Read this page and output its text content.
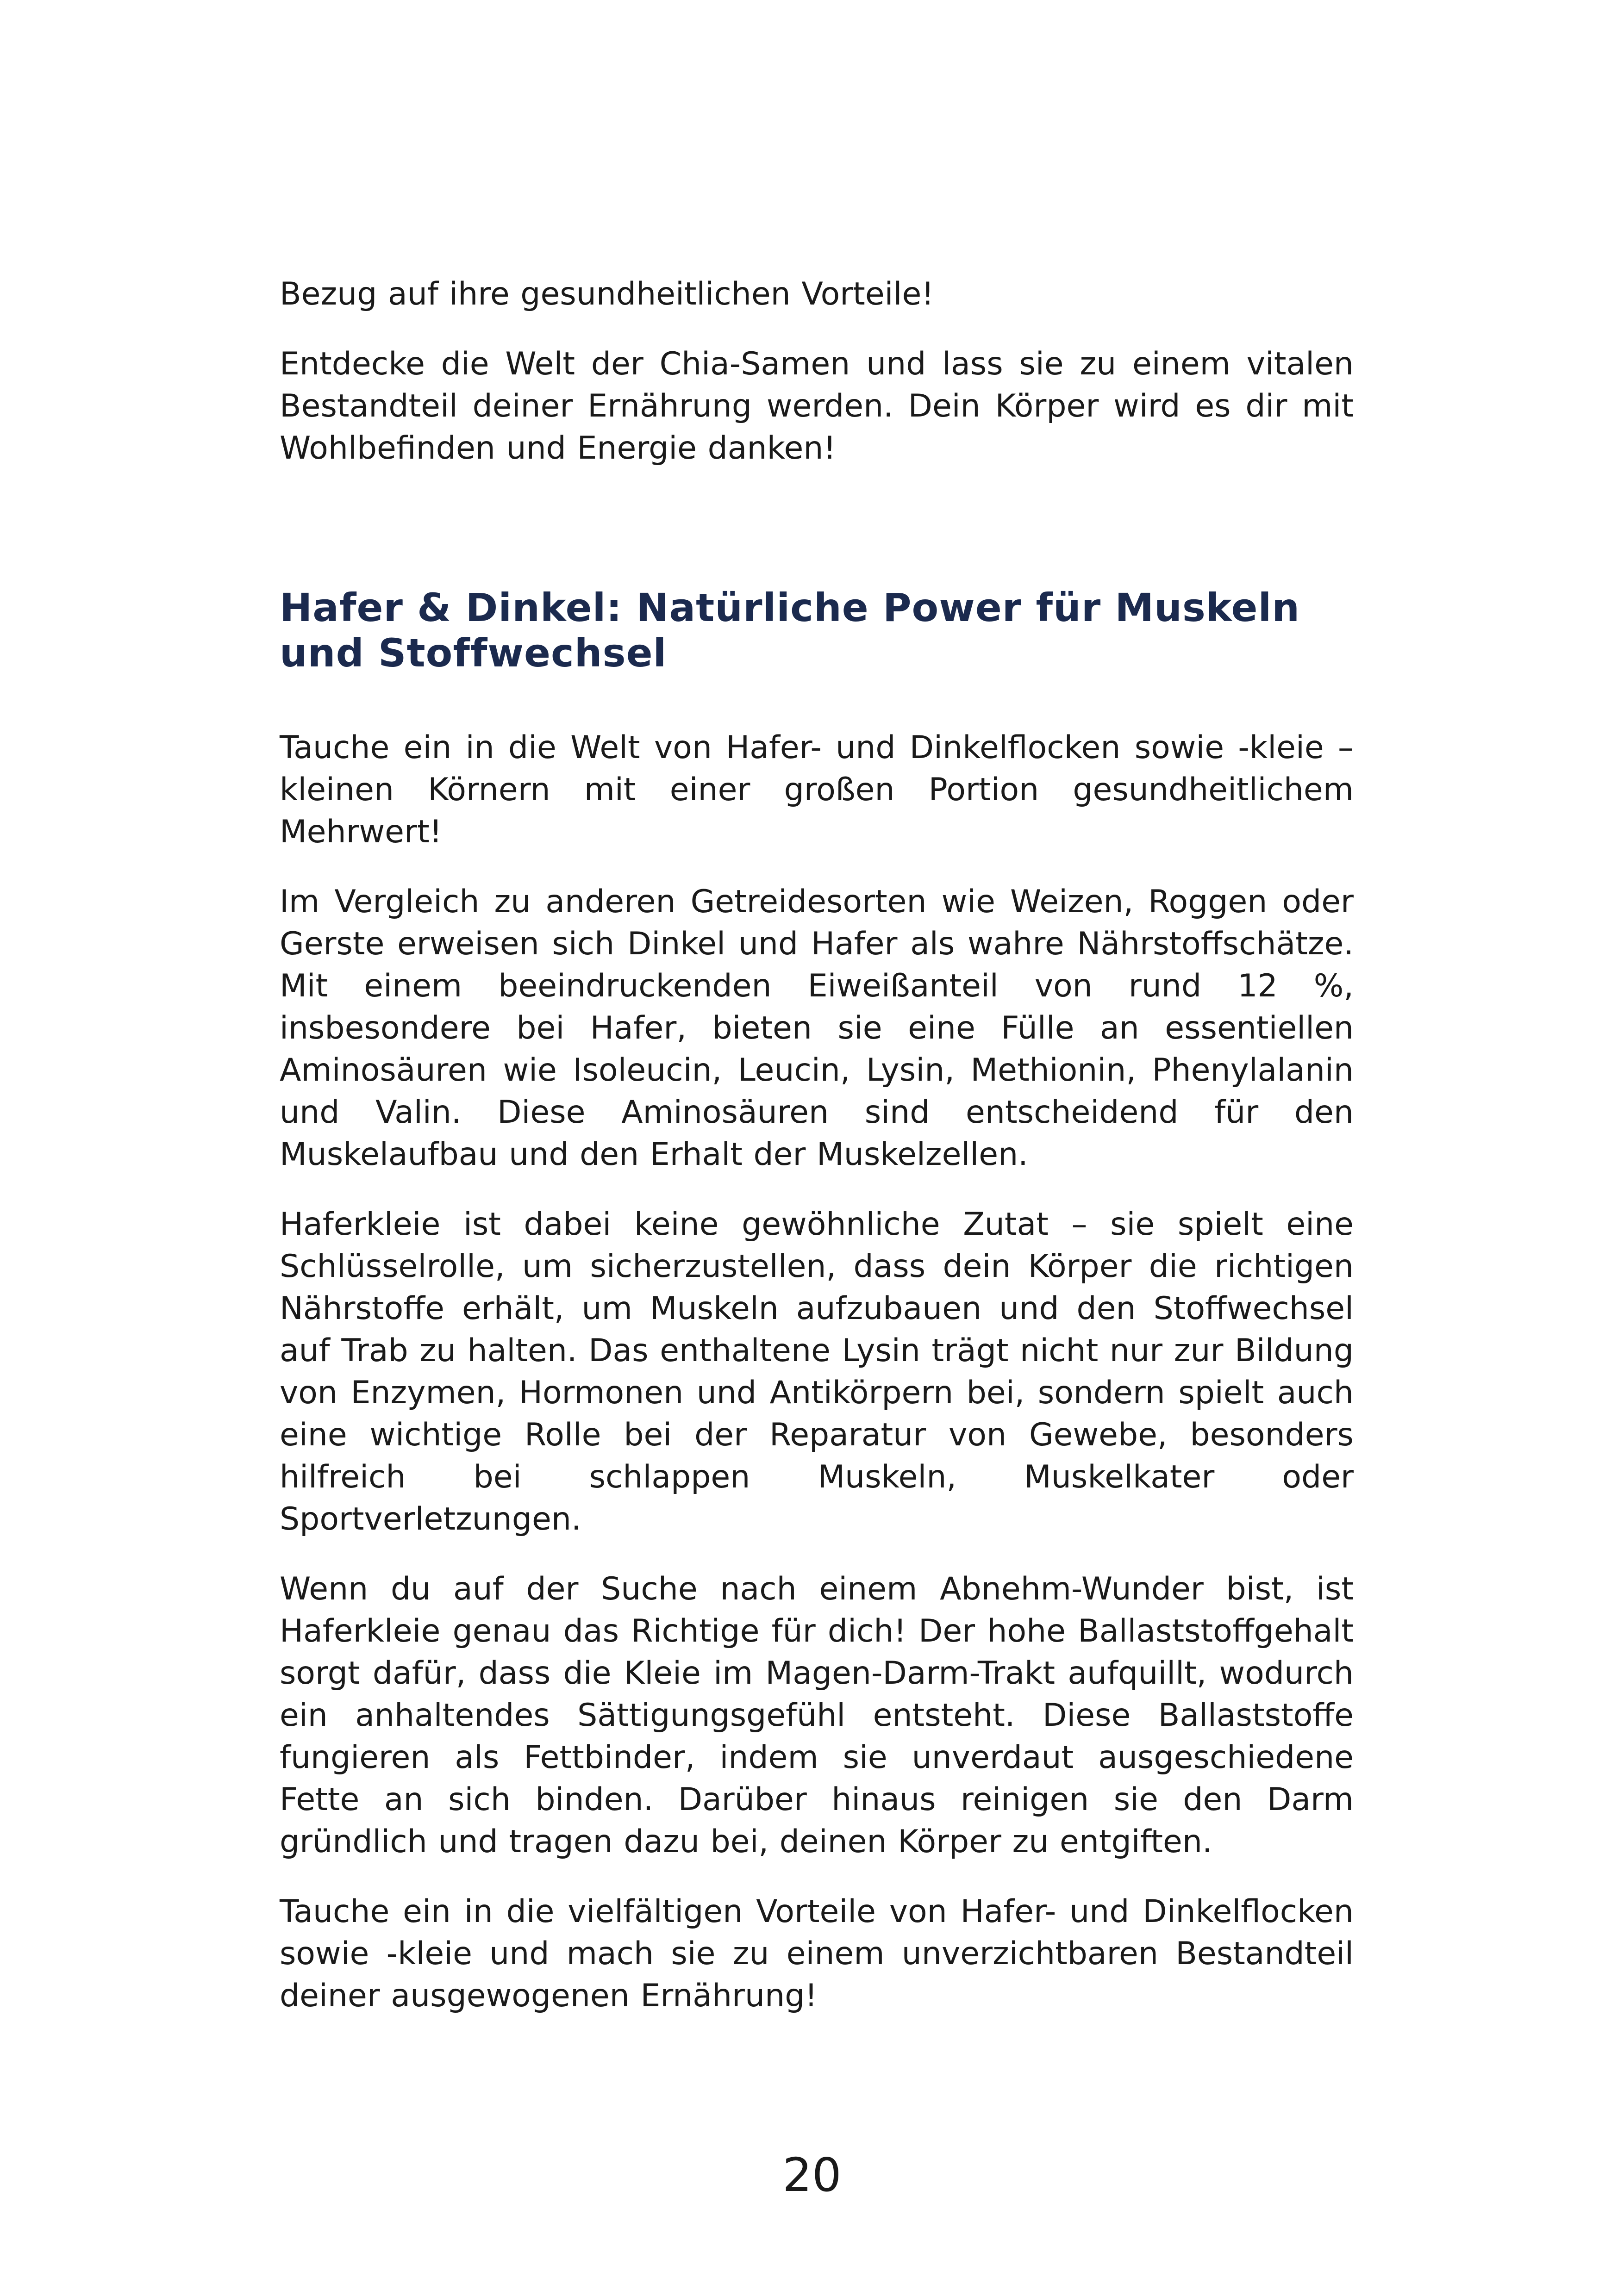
Bezug auf ihre gesundheitlichen Vorteile!

Entdecke die Welt der Chia-Samen und lass sie zu einem vitalen Bestandteil deiner Ernährung werden. Dein Körper wird es dir mit Wohlbefinden und Energie danken!

Hafer & Dinkel: Natürliche Power für Muskeln und Stoffwechsel

Tauche ein in die Welt von Hafer- und Dinkelflocken sowie -kleie – kleinen Körnern mit einer großen Portion gesundheitlichem Mehrwert!

Im Vergleich zu anderen Getreidesorten wie Weizen, Roggen oder Gerste erweisen sich Dinkel und Hafer als wahre Nährstoffschätze. Mit einem beeindruckenden Eiweißanteil von rund 12 %, insbesondere bei Hafer, bieten sie eine Fülle an essentiellen Aminosäuren wie Isoleucin, Leucin, Lysin, Methionin, Phenylalanin und Valin. Diese Aminosäuren sind entscheidend für den Muskelaufbau und den Erhalt der Muskelzellen.

Haferkleie ist dabei keine gewöhnliche Zutat – sie spielt eine Schlüsselrolle, um sicherzustellen, dass dein Körper die richtigen Nährstoffe erhält, um Muskeln aufzubauen und den Stoffwechsel auf Trab zu halten. Das enthaltene Lysin trägt nicht nur zur Bildung von Enzymen, Hormonen und Antikörpern bei, sondern spielt auch eine wichtige Rolle bei der Reparatur von Gewebe, besonders hilfreich bei schlappen Muskeln, Muskelkater oder Sportverletzungen.

Wenn du auf der Suche nach einem Abnehm-Wunder bist, ist Haferkleie genau das Richtige für dich! Der hohe Ballaststoffgehalt sorgt dafür, dass die Kleie im Magen-Darm-Trakt aufquillt, wodurch ein anhaltendes Sättigungsgefühl entsteht. Diese Ballaststoffe fungieren als Fettbinder, indem sie unverdaut ausgeschiedene Fette an sich binden. Darüber hinaus reinigen sie den Darm gründlich und tragen dazu bei, deinen Körper zu entgiften.

Tauche ein in die vielfältigen Vorteile von Hafer- und Dinkelflocken sowie -kleie und mach sie zu einem unverzichtbaren Bestandteil deiner ausgewogenen Ernährung!

20
